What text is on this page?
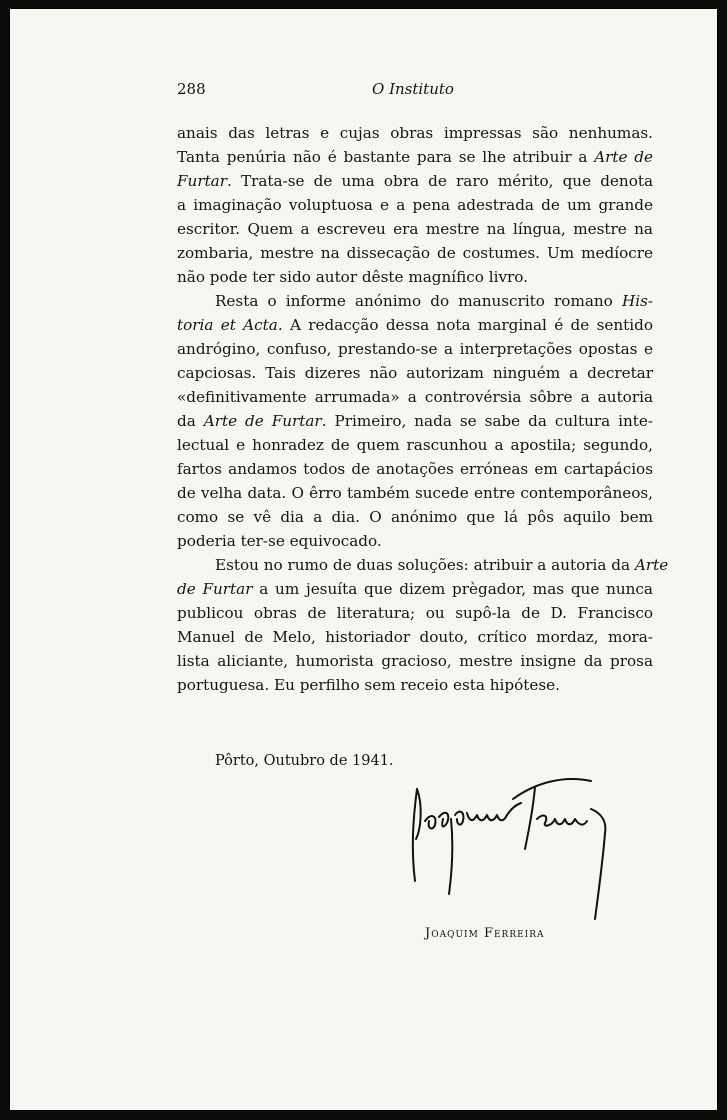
288	O Instituto
anais das letras e cujas obras impressas são nenhumas.
Tanta penúria não é bastante para se lhe atribuir a Arte de
Furtar. Trata-se de uma obra de raro mérito, que denota
a imaginação voluptuosa e a pena adestrada de um grande
escritor. Quem a escreveu era mestre na língua, mestre na
zombaria, mestre na dissecação de costumes. Um medíocre
não pode ter sido autor dêste magnífico livro.
Resta o informe anónimo do manuscrito romano His-
toria et Acta. A redacção dessa nota marginal é de sentido
andrógino, confuso, prestando-se a interpretações opostas e
capciosas. Tais dizeres não autorizam ninguém a decretar
«definitivamente arrumada» a controvérsia sôbre a autoria
da Arte de Furtar. Primeiro, nada se sabe da cultura inte-
lectual e honradez de quem rascunhou a apostila; segundo,
fartos andamos todos de anotações erróneas em cartapácios
de velha data. O êrro também sucede entre contemporâneos,
como se vê dia a dia. O anónimo que lá pôs aquilo bem
poderia ter-se equivocado.
Estou no rumo de duas soluções: atribuir a autoria da Arte
de Furtar a um jesuíta que dizem prègador, mas que nunca
publicou obras de literatura; ou supô-la de D. Francisco
Manuel de Melo, historiador douto, crítico mordaz, mora-
lista aliciante, humorista gracioso, mestre insigne da prosa
portuguesa. Eu perfilho sem receio esta hipótese.
Pôrto, Outubro de 1941.
Joaquim Ferreira
